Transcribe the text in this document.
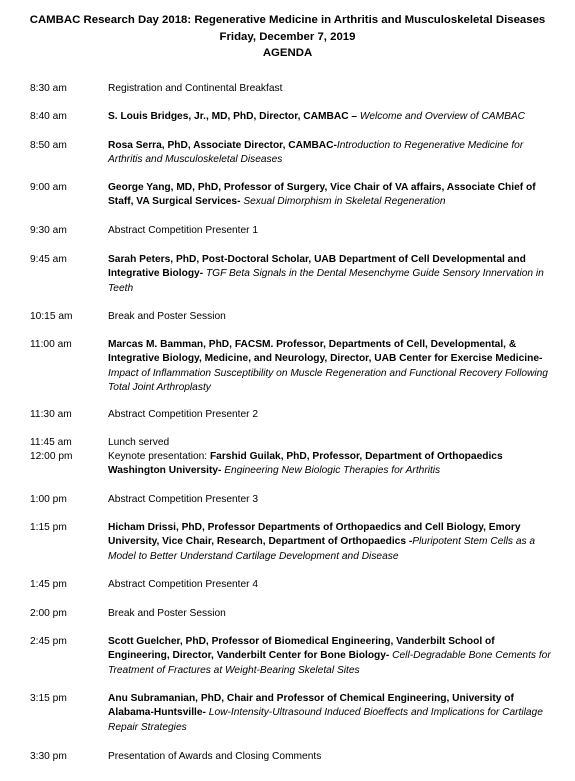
CAMBAC Research Day 2018: Regenerative Medicine in Arthritis and Musculoskeletal Diseases
Friday, December 7, 2019
AGENDA
8:30 am	Registration and Continental Breakfast
8:40 am	S. Louis Bridges, Jr., MD, PhD, Director, CAMBAC – Welcome and Overview of CAMBAC
8:50 am	Rosa Serra, PhD, Associate Director, CAMBAC-Introduction to Regenerative Medicine for Arthritis and Musculoskeletal Diseases
9:00 am	George Yang, MD, PhD, Professor of Surgery, Vice Chair of VA affairs, Associate Chief of Staff, VA Surgical Services- Sexual Dimorphism in Skeletal Regeneration
9:30 am	Abstract Competition Presenter 1
9:45 am	Sarah Peters, PhD, Post-Doctoral Scholar, UAB Department of Cell Developmental and Integrative Biology- TGF Beta Signals in the Dental Mesenchyme Guide Sensory Innervation in Teeth
10:15 am	Break and Poster Session
11:00 am	Marcas M. Bamman, PhD, FACSM. Professor, Departments of Cell, Developmental, & Integrative Biology, Medicine, and Neurology, Director, UAB Center for Exercise Medicine-Impact of Inflammation Susceptibility on Muscle Regeneration and Functional Recovery Following Total Joint Arthroplasty
11:30 am	Abstract Competition Presenter 2
11:45 am	Lunch served
12:00 pm	Keynote presentation: Farshid Guilak, PhD, Professor, Department of Orthopaedics Washington University- Engineering New Biologic Therapies for Arthritis
1:00 pm	Abstract Competition Presenter 3
1:15 pm	Hicham Drissi, PhD, Professor Departments of Orthopaedics and Cell Biology, Emory University, Vice Chair, Research, Department of Orthopaedics -Pluripotent Stem Cells as a Model to Better Understand Cartilage Development and Disease
1:45 pm	Abstract Competition Presenter 4
2:00 pm	Break and Poster Session
2:45 pm	Scott Guelcher, PhD, Professor of Biomedical Engineering, Vanderbilt School of Engineering, Director, Vanderbilt Center for Bone Biology- Cell-Degradable Bone Cements for Treatment of Fractures at Weight-Bearing Skeletal Sites
3:15 pm	Anu Subramanian, PhD, Chair and Professor of Chemical Engineering, University of Alabama-Huntsville- Low-Intensity-Ultrasound Induced Bioeffects and Implications for Cartilage Repair Strategies
3:30 pm	Presentation of Awards and Closing Comments
